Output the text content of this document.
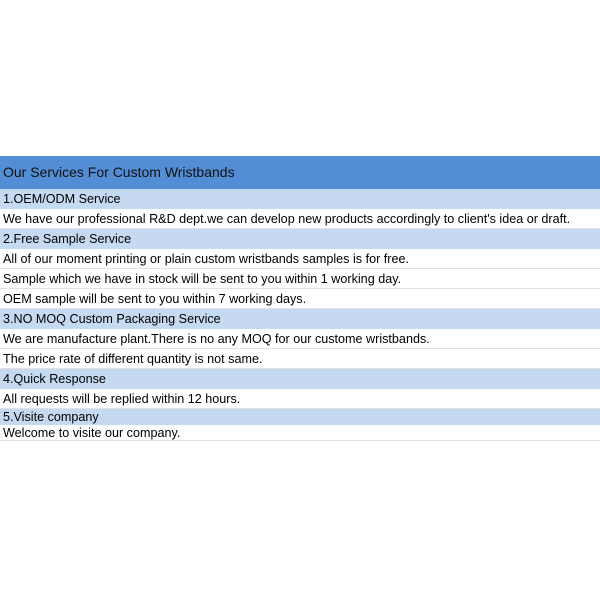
Our Services For Custom Wristbands
1.OEM/ODM Service
We have our professional R&D dept.we can develop new products accordingly to client's idea or draft.
2.Free Sample Service
All of our moment printing or plain custom wristbands samples is for free.
Sample which we have in stock will be sent to you within 1 working day.
OEM sample will be sent to you within 7 working days.
3.NO MOQ Custom Packaging Service
We are manufacture plant.There is no any MOQ for our custome wristbands.
The price rate of different quantity is not same.
4.Quick Response
All requests will be replied within 12 hours.
5.Visite company
Welcome to visite our company.
